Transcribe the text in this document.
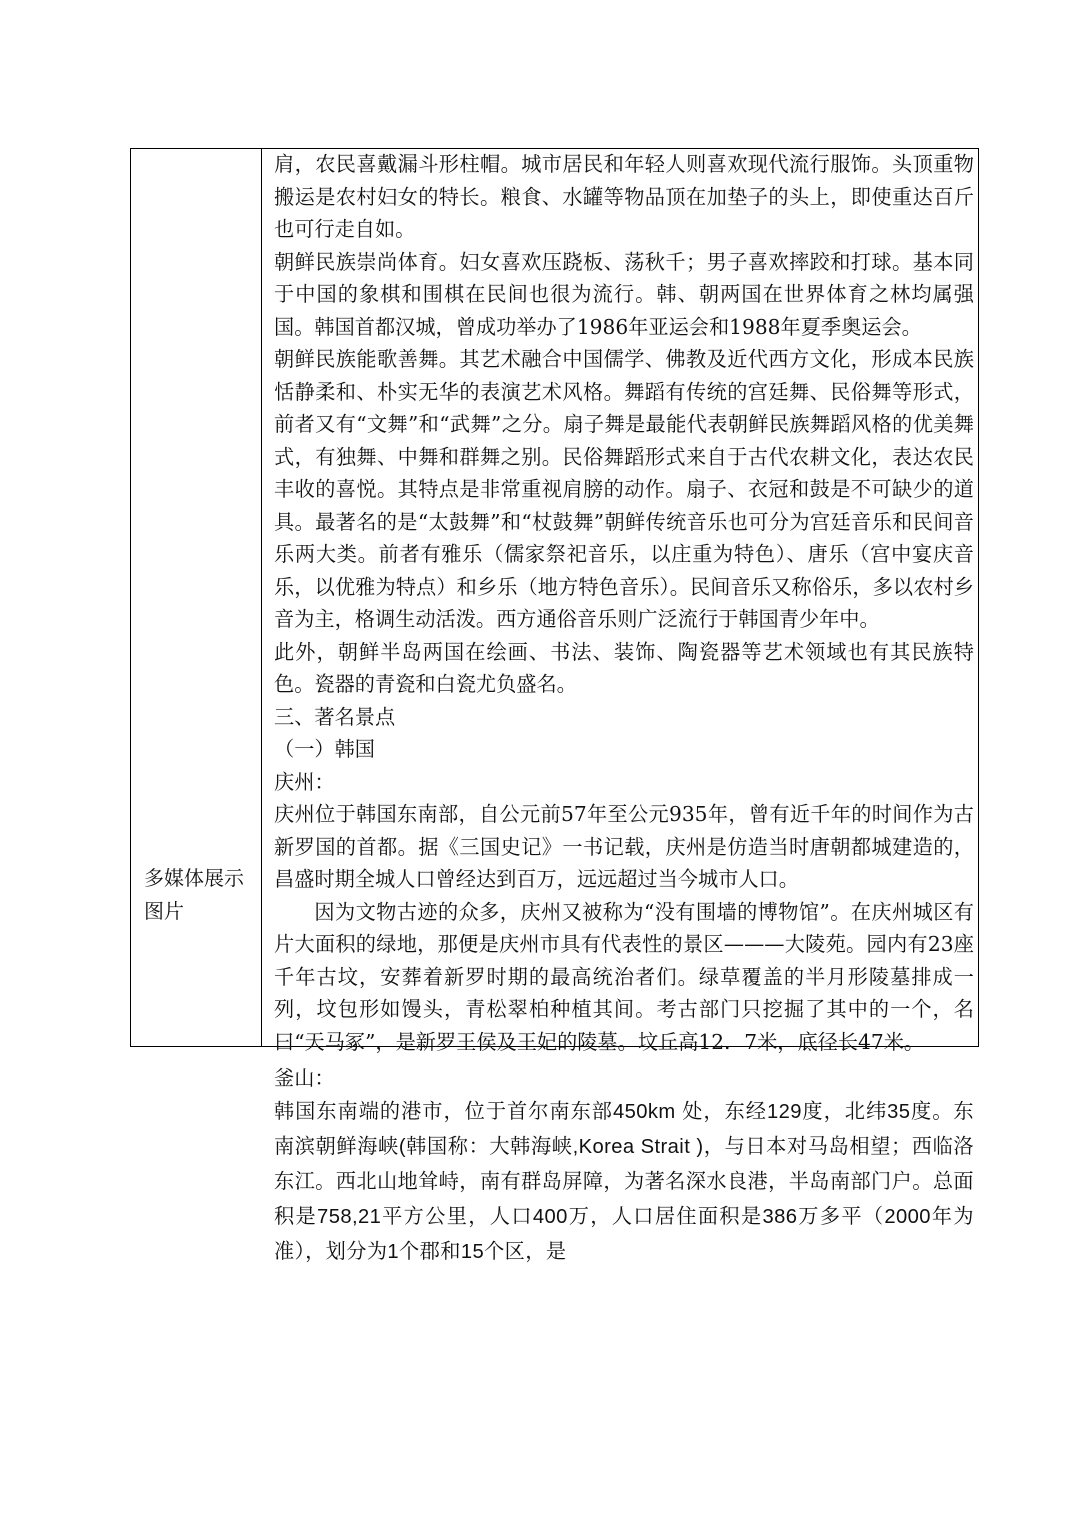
多媒体展示图片

肩，农民喜戴漏斗形柱帽。城市居民和年轻人则喜欢现代流行服饰。头顶重物搬运是农村妇女的特长。粮食、水罐等物品顶在加垫子的头上，即使重达百斤也可行走自如。

朝鲜民族崇尚体育。妇女喜欢压跷板、荡秋千；男子喜欢摔跤和打球。基本同于中国的象棋和围棋在民间也很为流行。韩、朝两国在世界体育之林均属强国。韩国首都汉城，曾成功举办了1986年亚运会和1988年夏季奥运会。

朝鲜民族能歌善舞。其艺术融合中国儒学、佛教及近代西方文化，形成本民族恬静柔和、朴实无华的表演艺术风格。舞蹈有传统的宫廷舞、民俗舞等形式，前者又有“文舞”和“武舞”之分。扇子舞是最能代表朝鲜民族舞蹈风格的优美舞式，有独舞、中舞和群舞之别。民俗舞蹈形式来自于古代农耕文化，表达农民丰收的喜悦。其特点是非常重视肩膀的动作。扇子、衣冠和鼓是不可缺少的道具。最著名的是“太鼓舞”和“杖鼓舞”朝鲜传统音乐也可分为宫廷音乐和民间音乐两大类。前者有雅乐（儒家祭祀音乐，以庄重为特色）、唐乐（宫中宴庆音乐，以优雅为特点）和乡乐（地方特色音乐）。民间音乐又称俗乐，多以农村乡音为主，格调生动活泼。西方通俗音乐则广泛流行于韩国青少年中。

此外，朝鲜半岛两国在绘画、书法、装饰、陶瓷器等艺术领域也有其民族特色。瓷器的青瓷和白瓷尤负盛名。

三、著名景点

（一）韩国

庆州：

庆州位于韩国东南部，自公元前57年至公元935年，曾有近千年的时间作为古新罗国的首都。据《三国史记》一书记载，庆州是仿造当时唐朝都城建造的，昌盛时期全城人口曾经达到百万，远远超过当今城市人口。

因为文物古迹的众多，庆州又被称为“没有围墙的博物馆”。在庆州城区有片大面积的绿地，那便是庆州市具有代表性的景区———大陵苑。园内有23座千年古坟，安葬着新罗时期的最高统治者们。绿草覆盖的半月形陵墓排成一列，坟包形如馒头，青松翠柏种植其间。考古部门只挖掘了其中的一个，名曰“天马冢”，是新罗王侯及王妃的陵墓。坟丘高12．7米，底径长47米。

釜山：

韩国东南端的港市，位于首尔南东部450km 处，东经129度，北纬35度。东南滨朝鲜海峡(韩国称：大韩海峡,Korea Strait )，与日本对马岛相望；西临洛东江。西北山地耸峙，南有群岛屏障，为著名深水良港，半岛南部门户。总面积是758,21平方公里，人口400万，人口居住面积是386万多平（2000年为准），划分为1个郡和15个区，是
